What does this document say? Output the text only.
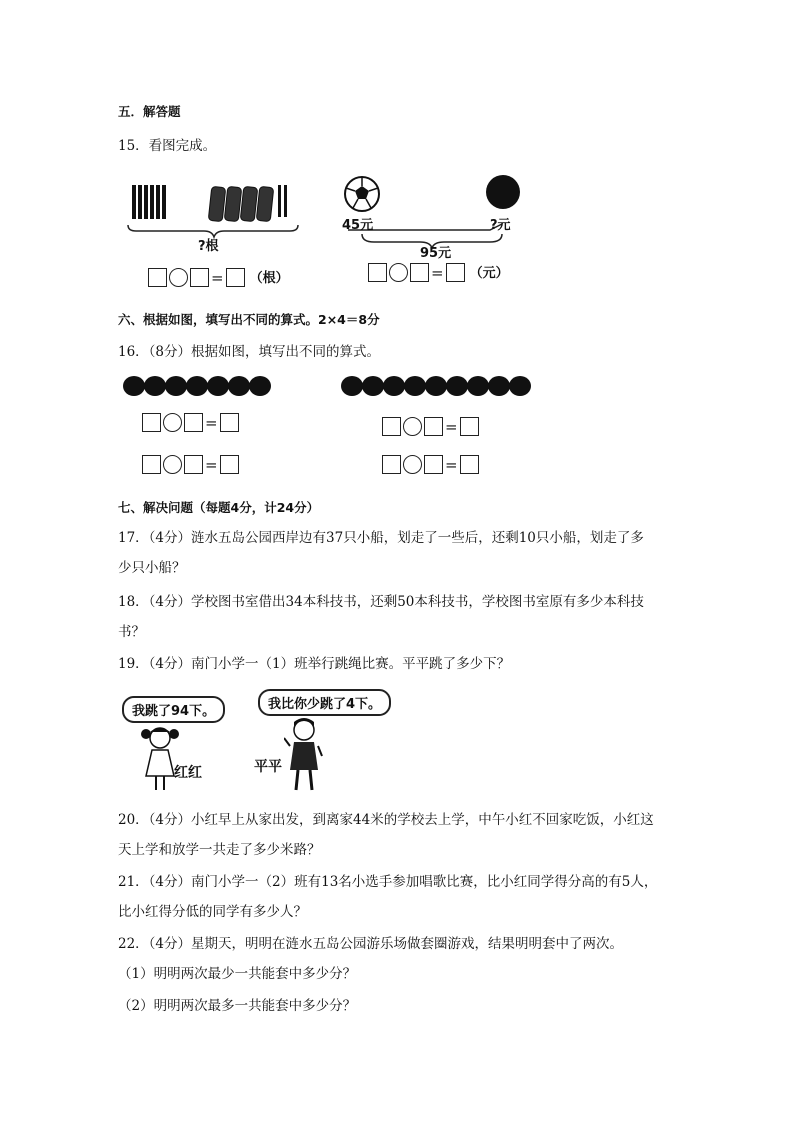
五．解答题
15．看图完成。
?根
= （根）
45元	?元
95元
= （元）
六、根据如图，填写出不同的算式。2×4＝8分
16．（8分）根据如图，填写出不同的算式。
=
=
=
=
七、解决问题（每题4分，计24分）
17．（4分）涟水五岛公园西岸边有37只小船，划走了一些后，还剩10只小船，划走了多
少只小船？
18．（4分）学校图书室借出34本科技书，还剩50本科技书，学校图书室原有多少本科技
书？
19．（4分）南门小学一（1）班举行跳绳比赛。平平跳了多少下？
我跳了94下。	我比你少跳了4下。
红红	平平
20．（4分）小红早上从家出发，到离家44米的学校去上学，中午小红不回家吃饭，小红这
天上学和放学一共走了多少米路？
21．（4分）南门小学一（2）班有13名小选手参加唱歌比赛，比小红同学得分高的有5人，
比小红得分低的同学有多少人？
22．（4分）星期天，明明在涟水五岛公园游乐场做套圈游戏，结果明明套中了两次。
（1）明明两次最少一共能套中多少分？
（2）明明两次最多一共能套中多少分？
